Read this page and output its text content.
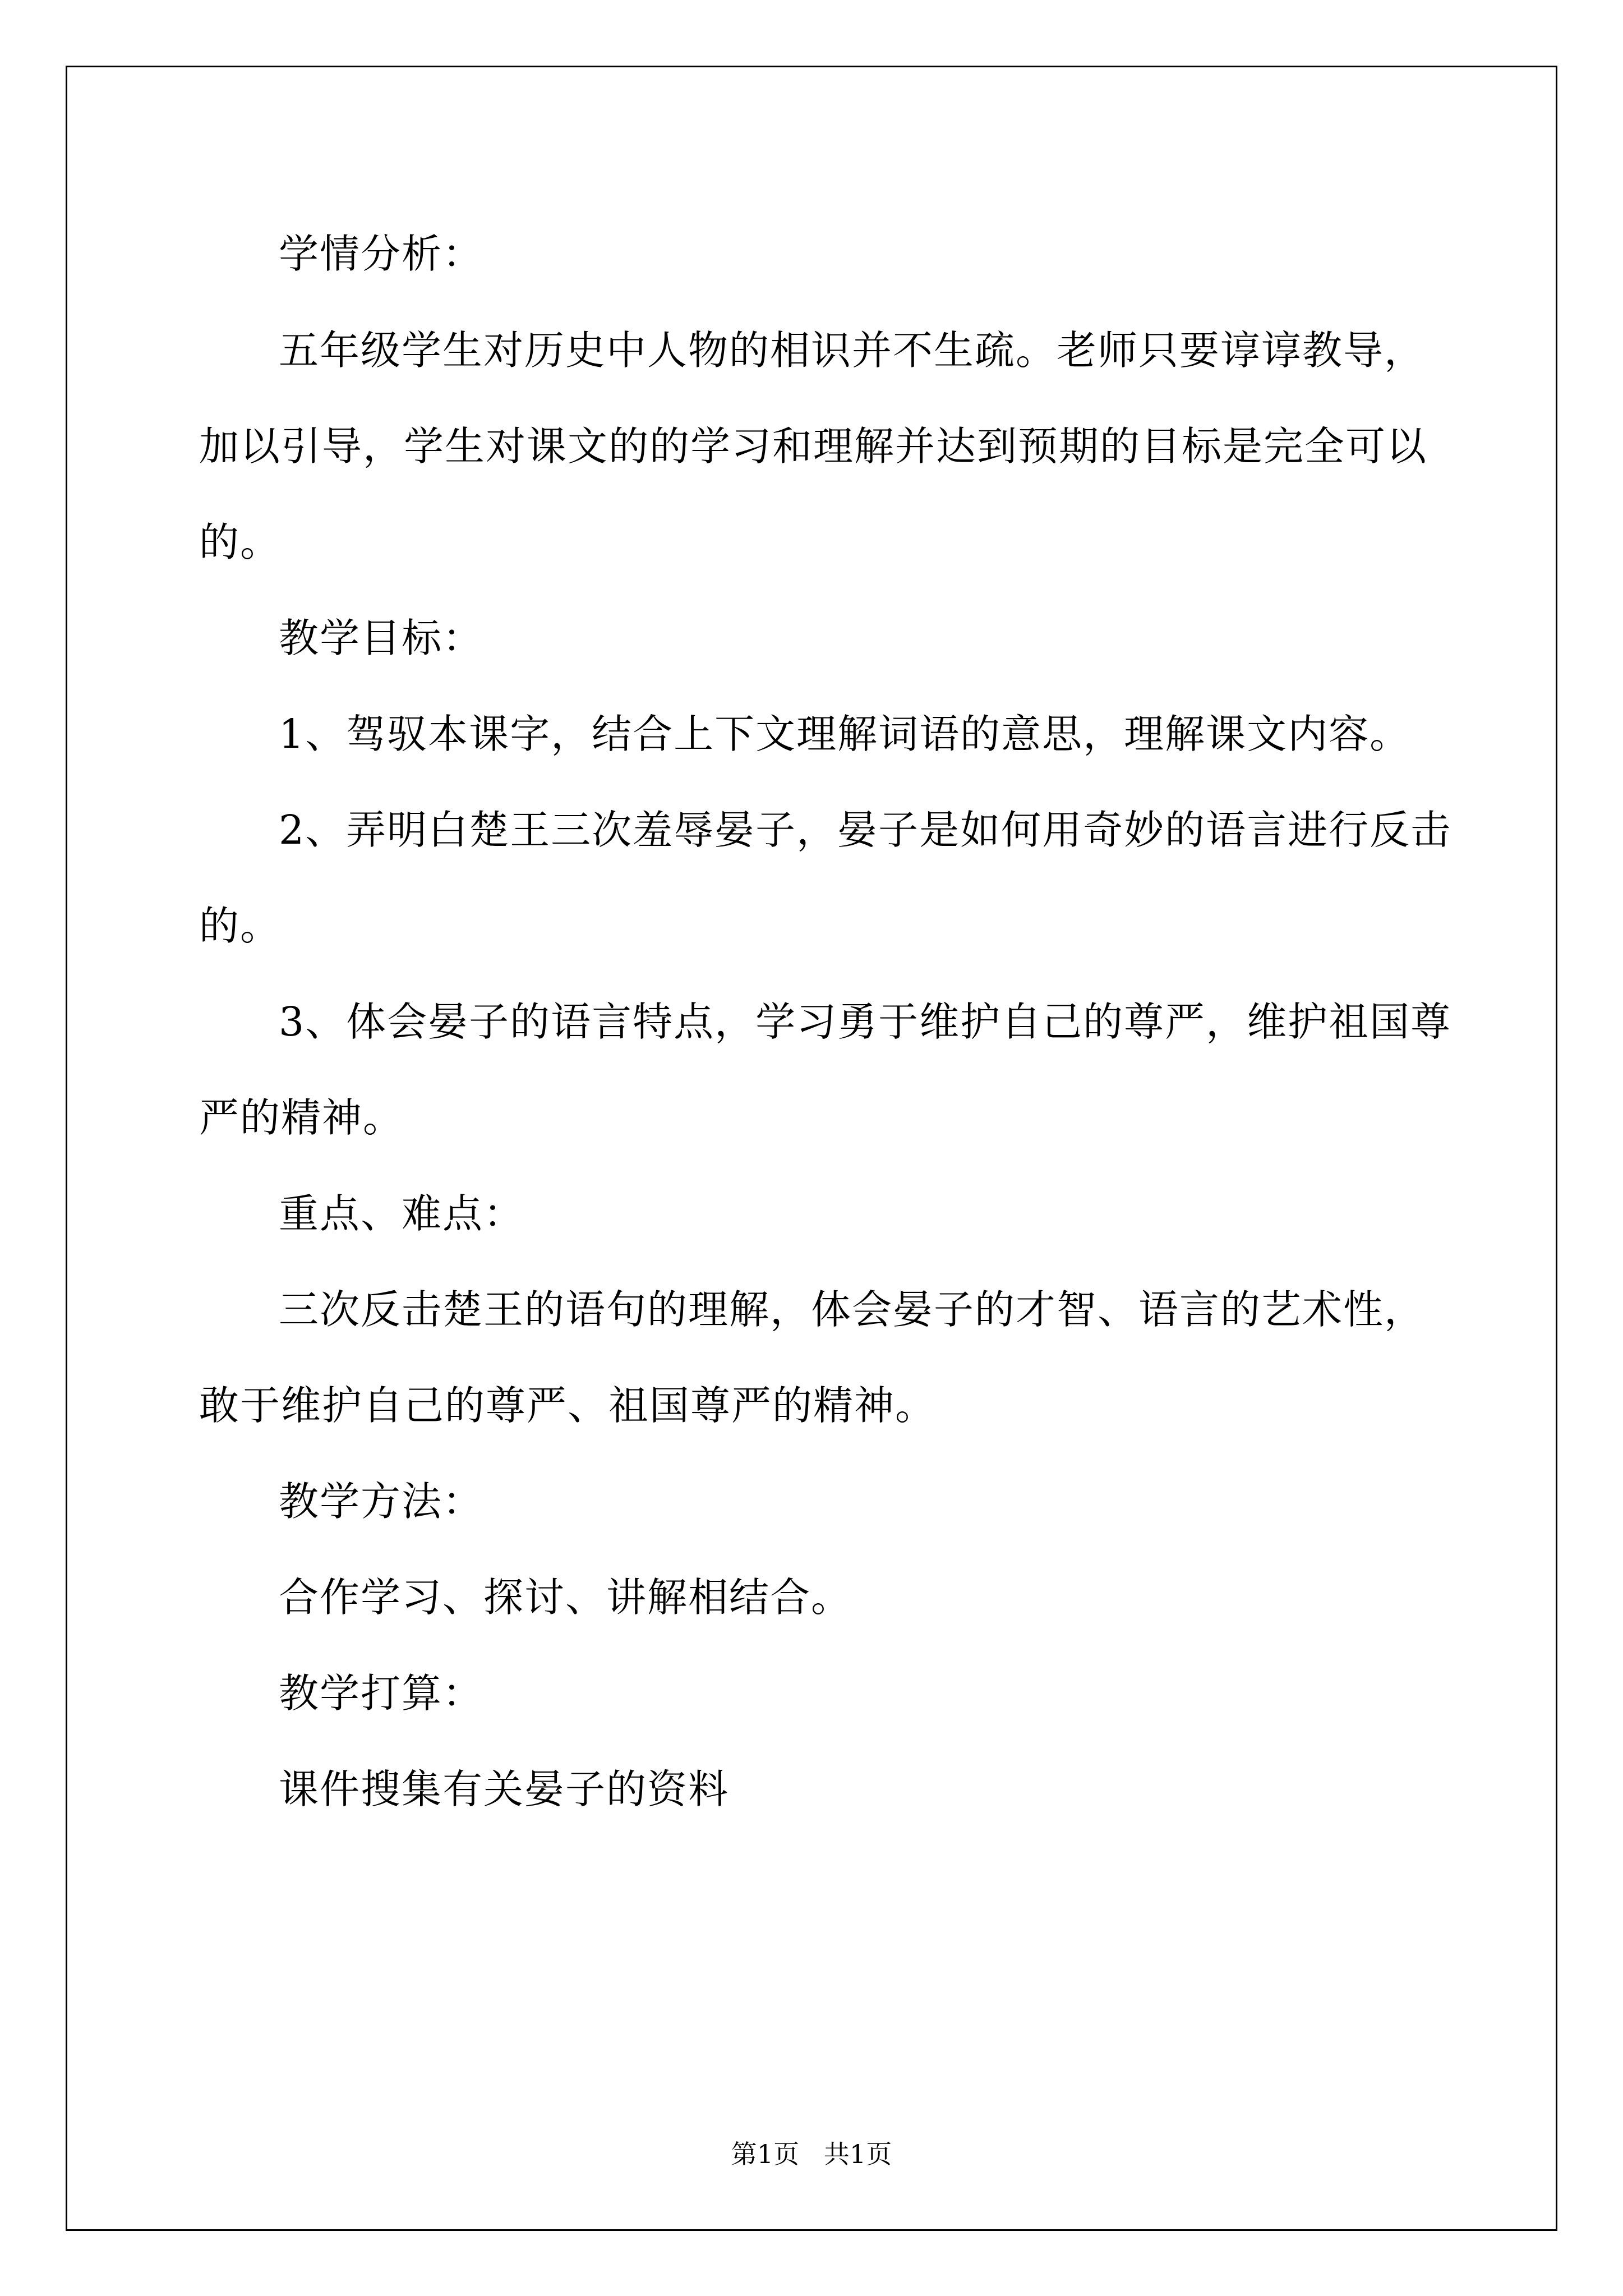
学情分析：
五年级学生对历史中人物的相识并不生疏。老师只要谆谆教导，
加以引导，学生对课文的的学习和理解并达到预期的目标是完全可以
的。
教学目标：
1、驾驭本课字，结合上下文理解词语的意思，理解课文内容。
2、弄明白楚王三次羞辱晏子，晏子是如何用奇妙的语言进行反击
的。
3、体会晏子的语言特点，学习勇于维护自己的尊严，维护祖国尊
严的精神。
重点、难点：
三次反击楚王的语句的理解，体会晏子的才智、语言的艺术性，
敢于维护自己的尊严、祖国尊严的精神。
教学方法：
合作学习、探讨、讲解相结合。
教学打算：
课件搜集有关晏子的资料
第1页   共1页
